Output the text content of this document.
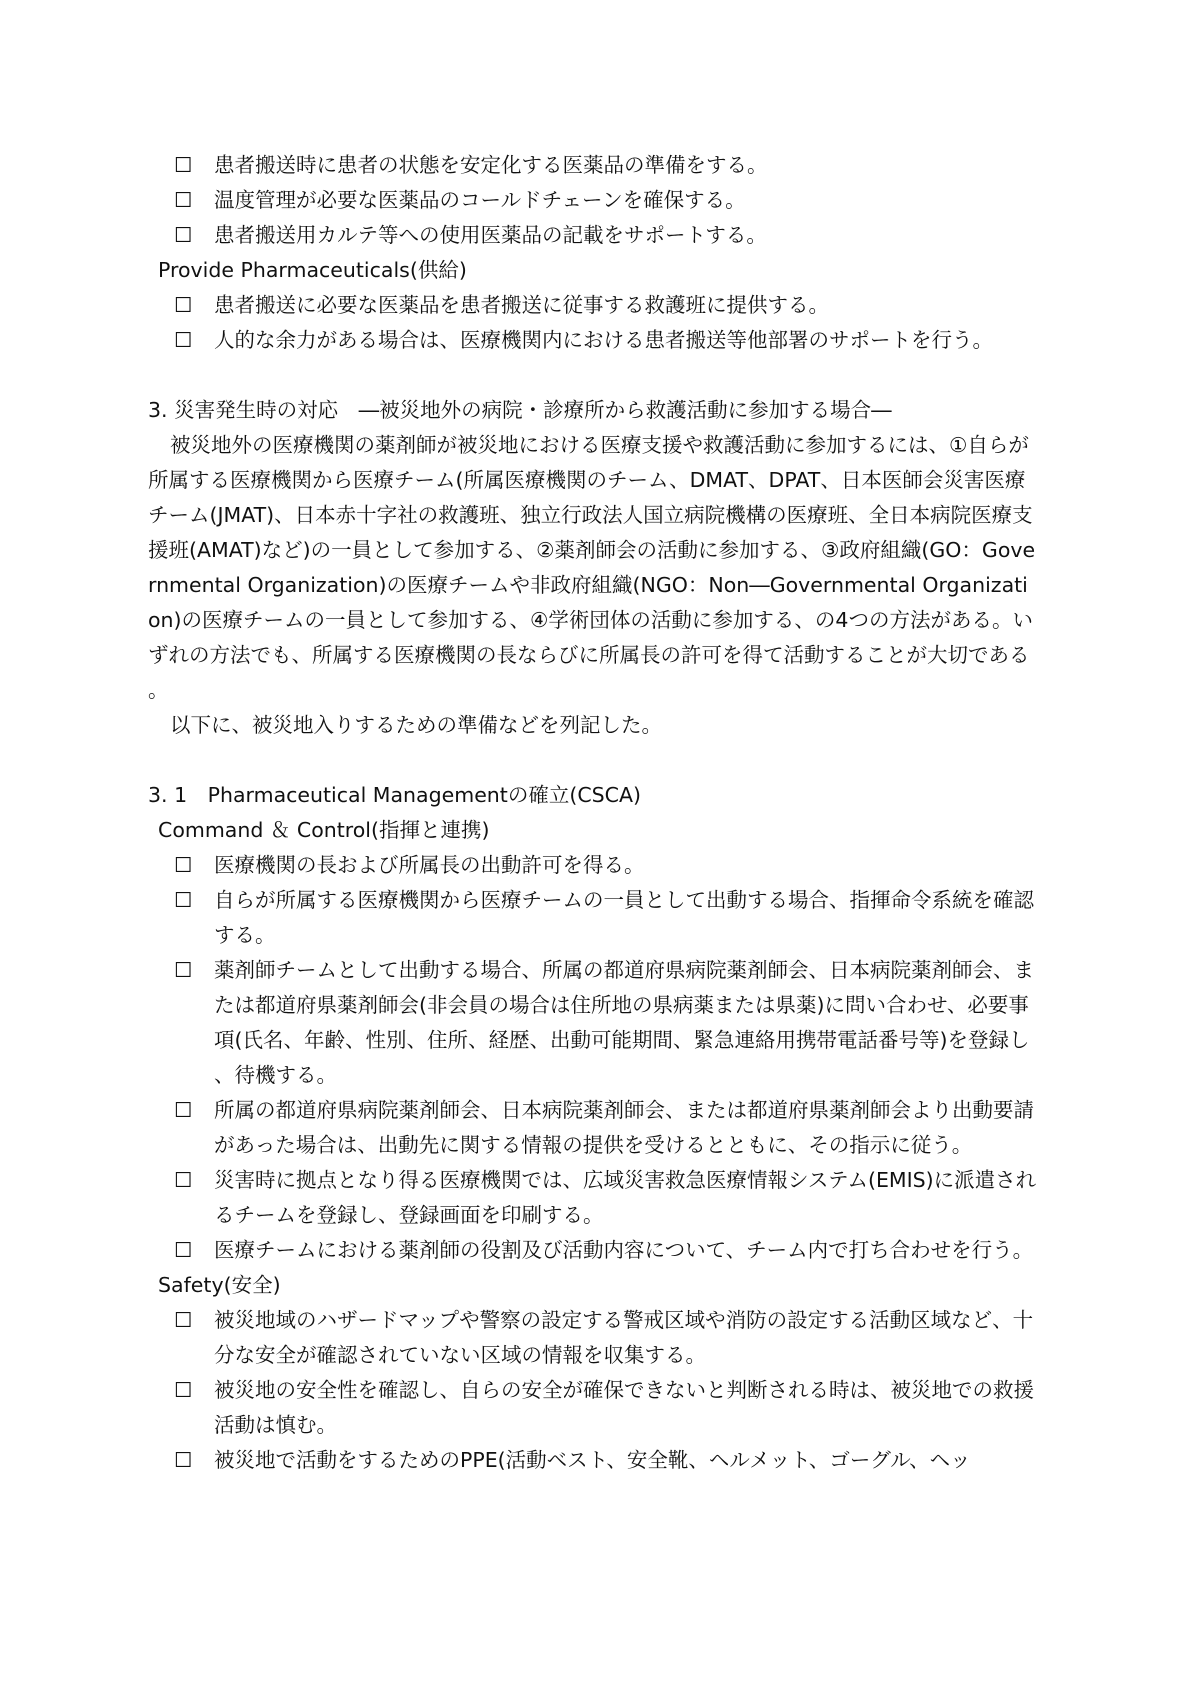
☐ 患者搬送時に患者の状態を安定化する医薬品の準備をする。
☐ 温度管理が必要な医薬品のコールドチェーンを確保する。
☐ 患者搬送用カルテ等への使用医薬品の記載をサポートする。
Provide Pharmaceuticals(供給)
☐ 患者搬送に必要な医薬品を患者搬送に従事する救護班に提供する。
☐ 人的な余力がある場合は、医療機関内における患者搬送等他部署のサポートを行う。
3. 災害発生時の対応　―被災地外の病院・診療所から救護活動に参加する場合―
被災地外の医療機関の薬剤師が被災地における医療支援や救護活動に参加するには、①自らが所属する医療機関から医療チーム(所属医療機関のチーム、DMAT、DPAT、日本医師会災害医療チーム(JMAT)、日本赤十字社の救護班、独立行政法人国立病院機構の医療班、全日本病院医療支援班(AMAT)など)の一員として参加する、②薬剤師会の活動に参加する、③政府組織(GO：Governmental Organization)の医療チームや非政府組織(NGO：Non―Governmental Organization)の医療チームの一員として参加する、④学術団体の活動に参加する、の4つの方法がある。いずれの方法でも、所属する医療機関の長ならびに所属長の許可を得て活動することが大切である。
以下に、被災地入りするための準備などを列記した。
3. 1　Pharmaceutical Managementの確立(CSCA)
Command ＆ Control(指揮と連携)
☐ 医療機関の長および所属長の出動許可を得る。
☐ 自らが所属する医療機関から医療チームの一員として出動する場合、指揮命令系統を確認する。
☐ 薬剤師チームとして出動する場合、所属の都道府県病院薬剤師会、日本病院薬剤師会、または都道府県薬剤師会(非会員の場合は住所地の県病薬または県薬)に問い合わせ、必要事項(氏名、年齢、性別、住所、経歴、出動可能期間、緊急連絡用携帯電話番号等)を登録し、待機する。
☐ 所属の都道府県病院薬剤師会、日本病院薬剤師会、または都道府県薬剤師会より出動要請があった場合は、出動先に関する情報の提供を受けるとともに、その指示に従う。
☐ 災害時に拠点となり得る医療機関では、広域災害救急医療情報システム(EMIS)に派遣されるチームを登録し、登録画面を印刷する。
☐ 医療チームにおける薬剤師の役割及び活動内容について、チーム内で打ち合わせを行う。
Safety(安全)
☐ 被災地域のハザードマップや警察の設定する警戒区域や消防の設定する活動区域など、十分な安全が確認されていない区域の情報を収集する。
☐ 被災地の安全性を確認し、自らの安全が確保できないと判断される時は、被災地での救援活動は慎む。
☐ 被災地で活動をするためのPPE(活動ベスト、安全靴、ヘルメット、ゴーグル、ヘッ
